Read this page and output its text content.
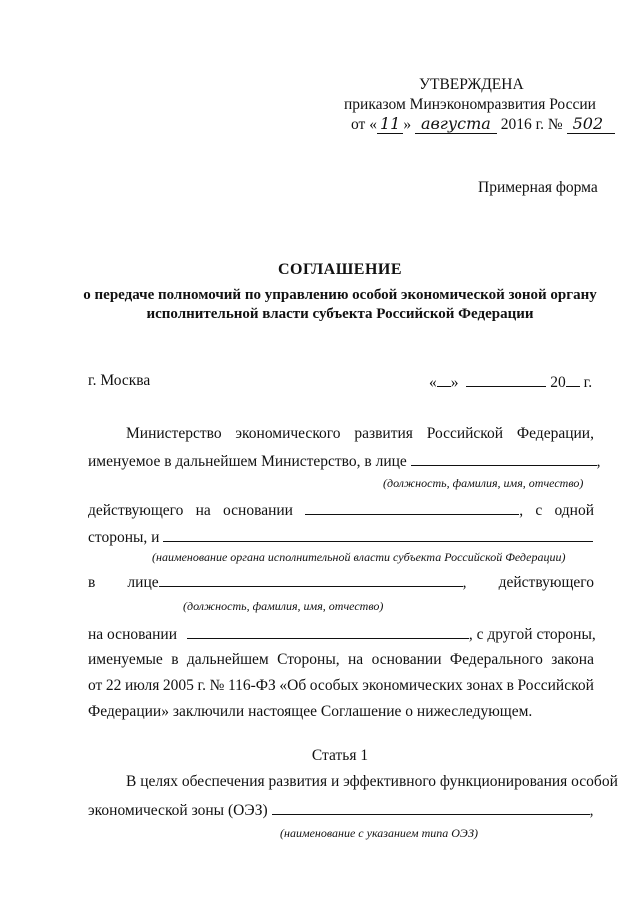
УТВЕРЖДЕНА
приказом Минэкономразвития России
от « 11 » августа 2016 г. № 502
Примерная форма
СОГЛАШЕНИЕ
о передаче полномочий по управлению особой экономической зоной органу
исполнительной власти субъекта Российской Федерации
г. Москва	« »	20 г.
Министерство экономического развития Российской Федерации,
именуемое в дальнейшем Министерство, в лице	,
(должность, фамилия, имя, отчество)
действующего на основании	, с одной
стороны, и
(наименование органа исполнительной власти субъекта Российской Федерации)
в лице	, действующего
(должность, фамилия, имя, отчество)
на основании	, с другой стороны,
именуемые в дальнейшем Стороны, на основании Федерального закона
от 22 июля 2005 г. № 116-ФЗ «Об особых экономических зонах в Российской
Федерации» заключили настоящее Соглашение о нижеследующем.
Статья 1
В целях обеспечения развития и эффективного функционирования особой
экономической зоны (ОЭЗ)	,
(наименование с указанием типа ОЭЗ)
